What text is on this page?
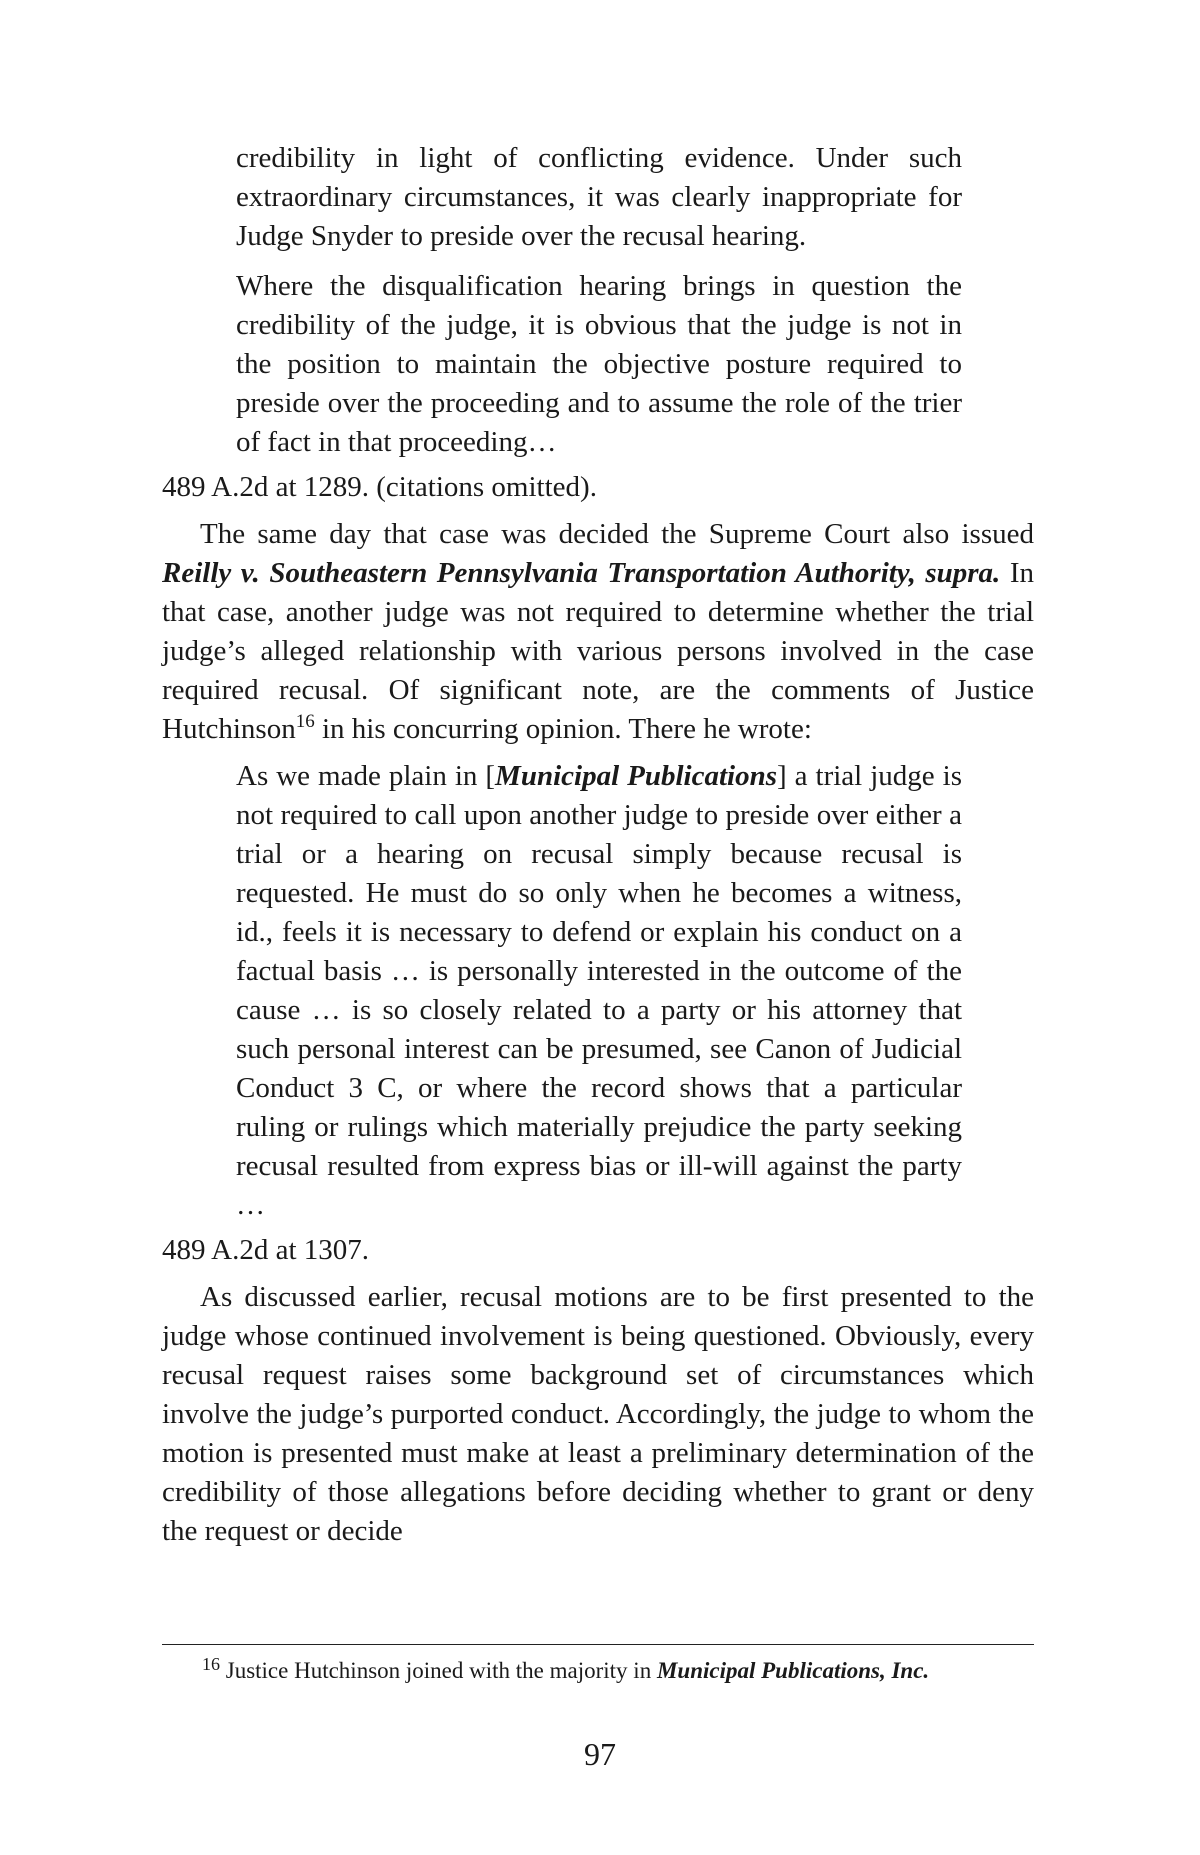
credibility in light of conflicting evidence. Under such extraordinary circumstances, it was clearly inappropriate for Judge Snyder to preside over the recusal hearing.

Where the disqualification hearing brings in question the credibility of the judge, it is obvious that the judge is not in the position to maintain the objective posture required to preside over the proceeding and to assume the role of the trier of fact in that proceeding…

489 A.2d at 1289. (citations omitted).

The same day that case was decided the Supreme Court also issued Reilly v. Southeastern Pennsylvania Transportation Authority, supra. In that case, another judge was not required to determine whether the trial judge’s alleged relationship with various persons involved in the case required recusal. Of significant note, are the comments of Justice Hutchinson$^{16}$ in his concurring opinion. There he wrote:

As we made plain in [Municipal Publications] a trial judge is not required to call upon another judge to preside over either a trial or a hearing on recusal simply because recusal is requested. He must do so only when he becomes a witness, id., feels it is necessary to defend or explain his conduct on a factual basis … is personally interested in the outcome of the cause … is so closely related to a party or his attorney that such personal interest can be presumed, see Canon of Judicial Conduct 3 C, or where the record shows that a particular ruling or rulings which materially prejudice the party seeking recusal resulted from express bias or ill-will against the party …

489 A.2d at 1307.

As discussed earlier, recusal motions are to be first presented to the judge whose continued involvement is being questioned. Obviously, every recusal request raises some background set of circumstances which involve the judge’s purported conduct. Accordingly, the judge to whom the motion is presented must make at least a preliminary determination of the credibility of those allegations before deciding whether to grant or deny the request or decide

$^{16}$ Justice Hutchinson joined with the majority in Municipal Publications, Inc.
97
